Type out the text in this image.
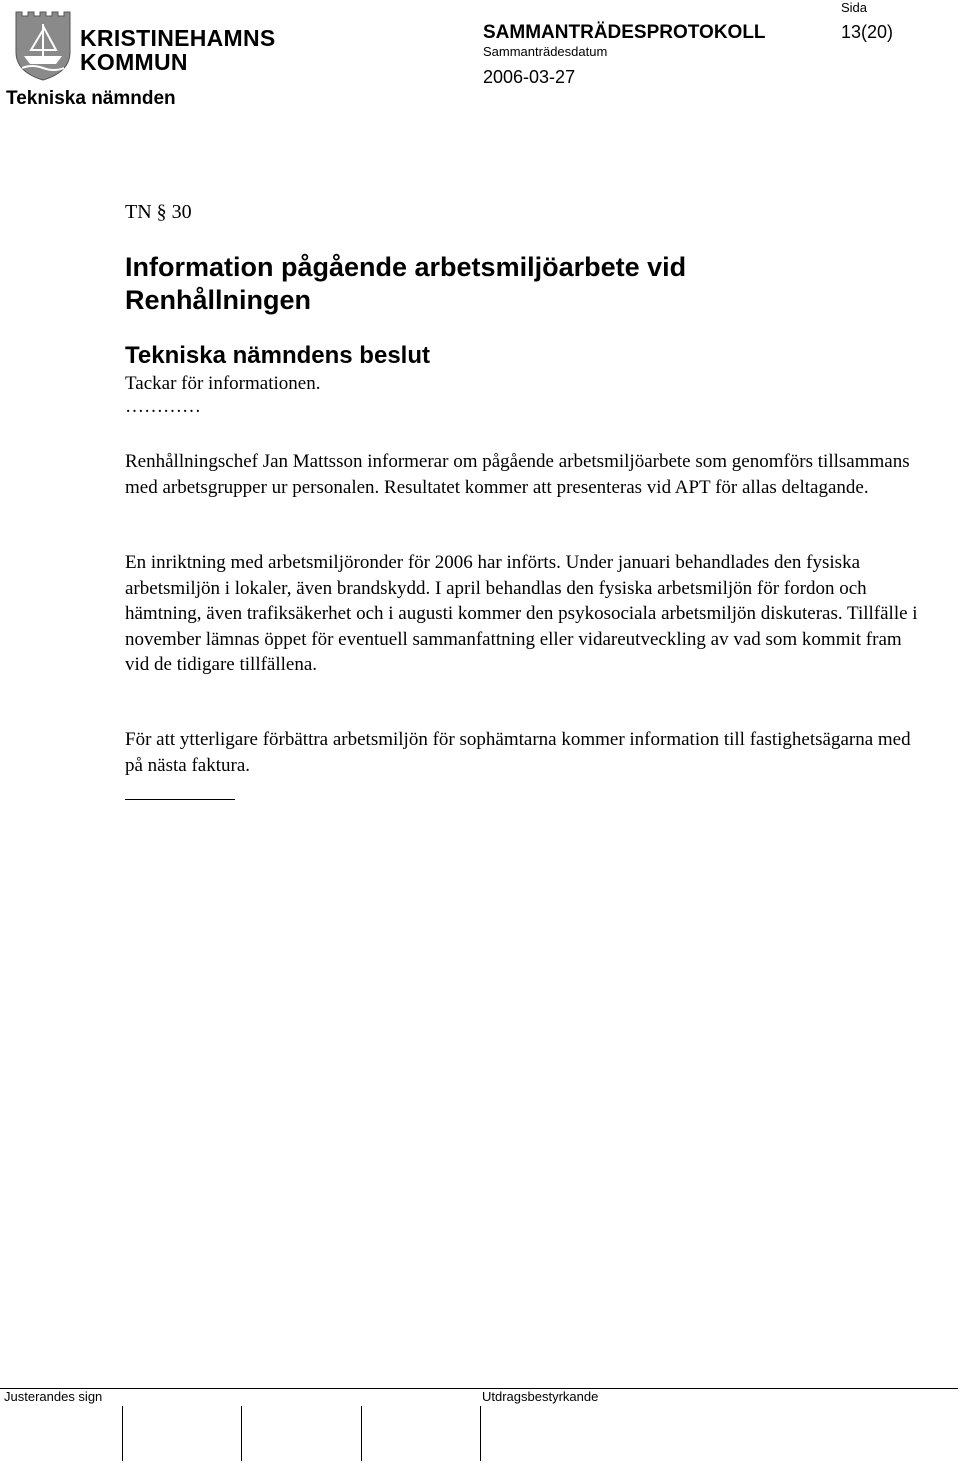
KRISTINEHAMNS
KOMMUN
Tekniska nämnden
SAMMANTRÄDESPROTOKOLL
Sammanträdesdatum
2006-03-27
Sida
13(20)
TN § 30
Information pågående arbetsmiljöarbete vid Renhållningen
Tekniska nämndens beslut
Tackar för informationen.
…………

Renhållningschef Jan Mattsson informerar om pågående arbetsmiljöarbete som genomförs tillsammans med arbetsgrupper ur personalen. Resultatet kommer att presenteras vid APT för allas deltagande.

En inriktning med arbetsmiljöronder för 2006 har införts. Under januari behandlades den fysiska arbetsmiljön i lokaler, även brandskydd. I april behandlas den fysiska arbetsmiljön för fordon och hämtning, även trafiksäkerhet och i augusti kommer den psykosociala arbetsmiljön diskuteras. Tillfälle i november lämnas öppet för eventuell sammanfattning eller vidareutveckling av vad som kommit fram vid de tidigare tillfällena.

För att ytterligare förbättra arbetsmiljön för sophämtarna kommer information till fastighetsägarna med på nästa faktura.

Justerandes sign	Utdragsbestyrkande
